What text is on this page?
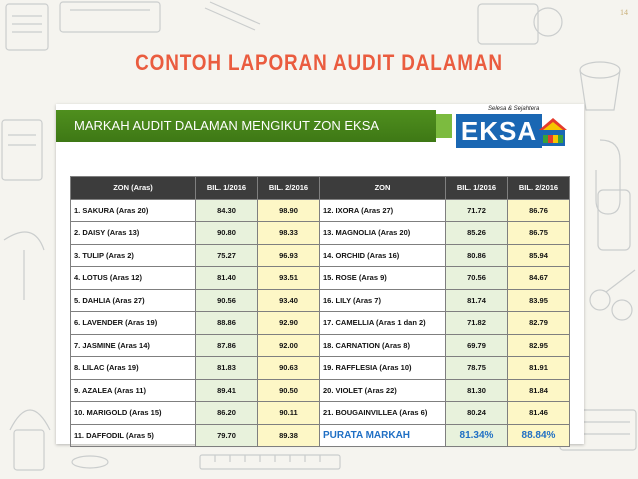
14
CONTOH LAPORAN AUDIT DALAMAN
MARKAH AUDIT DALAMAN MENGIKUT ZON EKSA
Selesa & Sejahtera
EKSA
ZON (Aras)	BIL. 1/2016	BIL. 2/2016	ZON	BIL. 1/2016	BIL. 2/2016
1. SAKURA (Aras 20)	84.30	98.90	12. IXORA (Aras 27)	71.72	86.76
2. DAISY (Aras 13)	90.80	98.33	13. MAGNOLIA (Aras 20)	85.26	86.75
3. TULIP (Aras 2)	75.27	96.93	14. ORCHID (Aras 16)	80.86	85.94
4. LOTUS (Aras 12)	81.40	93.51	15. ROSE (Aras 9)	70.56	84.67
5. DAHLIA (Aras 27)	90.56	93.40	16. LILY (Aras 7)	81.74	83.95
6. LAVENDER (Aras 19)	88.86	92.90	17. CAMELLIA (Aras 1 dan 2)	71.82	82.79
7. JASMINE (Aras 14)	87.86	92.00	18. CARNATION (Aras 8)	69.79	82.95
8. LILAC (Aras 19)	81.83	90.63	19. RAFFLESIA (Aras 10)	78.75	81.91
9. AZALEA (Aras 11)	89.41	90.50	20. VIOLET (Aras 22)	81.30	81.84
10. MARIGOLD (Aras 15)	86.20	90.11	21. BOUGAINVILLEA (Aras 6)	80.24	81.46
11. DAFFODIL (Aras 5)	79.70	89.38	PURATA MARKAH	81.34%	88.84%
